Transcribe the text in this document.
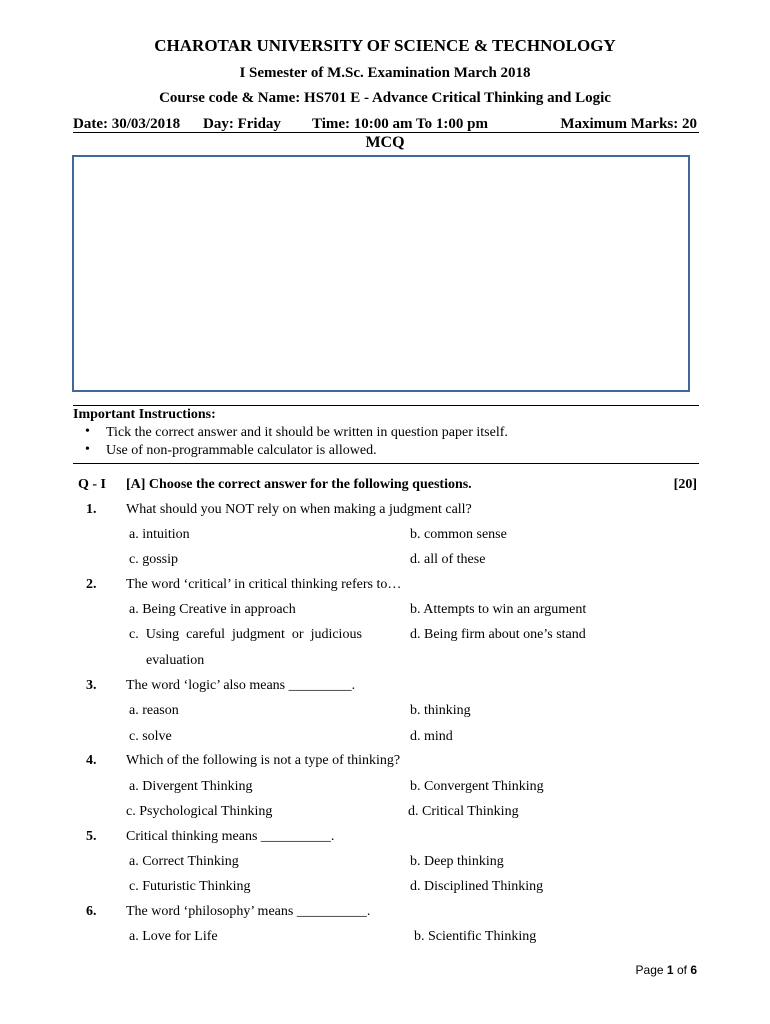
CHAROTAR UNIVERSITY OF SCIENCE & TECHNOLOGY
I Semester of M.Sc. Examination March 2018
Course code & Name: HS701 E - Advance Critical Thinking and Logic
Date: 30/03/2018 Day: Friday Time: 10:00 am To 1:00 pm	Maximum Marks: 20
MCQ
Important Instructions:
• Tick the correct answer and it should be written in question paper itself.
• Use of non-programmable calculator is allowed.
Q - I [A] Choose the correct answer for the following questions.	[20]
1. What should you NOT rely on when making a judgment call?
a. intuition	b. common sense
c. gossip	d. all of these
2. The word ‘critical’ in critical thinking refers to…
a. Being Creative in approach	b. Attempts to win an argument
c.  Using  careful  judgment  or  judicious	d. Being firm about one’s stand
evaluation
3. The word ‘logic’ also means _________.
a. reason	b. thinking
c. solve	d. mind
4. Which of the following is not a type of thinking?
a. Divergent Thinking	b. Convergent Thinking
c. Psychological Thinking	d. Critical Thinking
5. Critical thinking means __________.
a. Correct Thinking	b. Deep thinking
c. Futuristic Thinking	d. Disciplined Thinking
6. The word ‘philosophy’ means __________.
a. Love for Life	b. Scientific Thinking
Page 1 of 6
